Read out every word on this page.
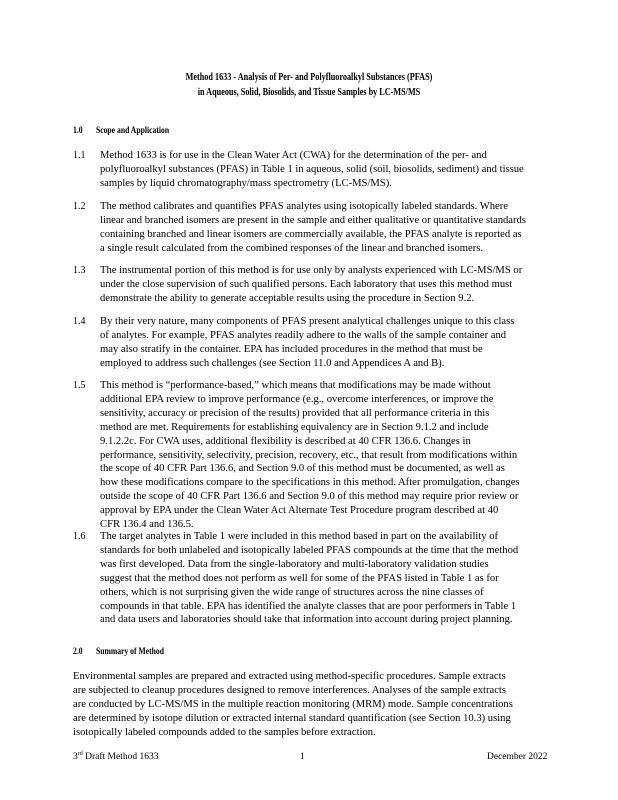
Method 1633 - Analysis of Per- and Polyfluoroalkyl Substances (PFAS)
in Aqueous, Solid, Biosolids, and Tissue Samples by LC-MS/MS
1.0 Scope and Application
1.1 Method 1633 is for use in the Clean Water Act (CWA) for the determination of the per- and
polyfluoroalkyl substances (PFAS) in Table 1 in aqueous, solid (soil, biosolids, sediment) and tissue
samples by liquid chromatography/mass spectrometry (LC-MS/MS).
1.2 The method calibrates and quantifies PFAS analytes using isotopically labeled standards. Where
linear and branched isomers are present in the sample and either qualitative or quantitative standards
containing branched and linear isomers are commercially available, the PFAS analyte is reported as
a single result calculated from the combined responses of the linear and branched isomers.
1.3 The instrumental portion of this method is for use only by analysts experienced with LC-MS/MS or
under the close supervision of such qualified persons. Each laboratory that uses this method must
demonstrate the ability to generate acceptable results using the procedure in Section 9.2.
1.4 By their very nature, many components of PFAS present analytical challenges unique to this class
of analytes. For example, PFAS analytes readily adhere to the walls of the sample container and
may also stratify in the container. EPA has included procedures in the method that must be
employed to address such challenges (see Section 11.0 and Appendices A and B).
1.5 This method is “performance-based,” which means that modifications may be made without
additional EPA review to improve performance (e.g., overcome interferences, or improve the
sensitivity, accuracy or precision of the results) provided that all performance criteria in this
method are met. Requirements for establishing equivalency are in Section 9.1.2 and include
9.1.2.2c. For CWA uses, additional flexibility is described at 40 CFR 136.6. Changes in
performance, sensitivity, selectivity, precision, recovery, etc., that result from modifications within
the scope of 40 CFR Part 136.6, and Section 9.0 of this method must be documented, as well as
how these modifications compare to the specifications in this method. After promulgation, changes
outside the scope of 40 CFR Part 136.6 and Section 9.0 of this method may require prior review or
approval by EPA under the Clean Water Act Alternate Test Procedure program described at 40
CFR 136.4 and 136.5.
1.6 The target analytes in Table 1 were included in this method based in part on the availability of
standards for both unlabeled and isotopically labeled PFAS compounds at the time that the method
was first developed. Data from the single-laboratory and multi-laboratory validation studies
suggest that the method does not perform as well for some of the PFAS listed in Table 1 as for
others, which is not surprising given the wide range of structures across the nine classes of
compounds in that table. EPA has identified the analyte classes that are poor performers in Table 1
and data users and laboratories should take that information into account during project planning.
2.0 Summary of Method
Environmental samples are prepared and extracted using method-specific procedures. Sample extracts
are subjected to cleanup procedures designed to remove interferences. Analyses of the sample extracts
are conducted by LC-MS/MS in the multiple reaction monitoring (MRM) mode. Sample concentrations
are determined by isotope dilution or extracted internal standard quantification (see Section 10.3) using
isotopically labeled compounds added to the samples before extraction.
3rd Draft Method 1633	1	December 2022
